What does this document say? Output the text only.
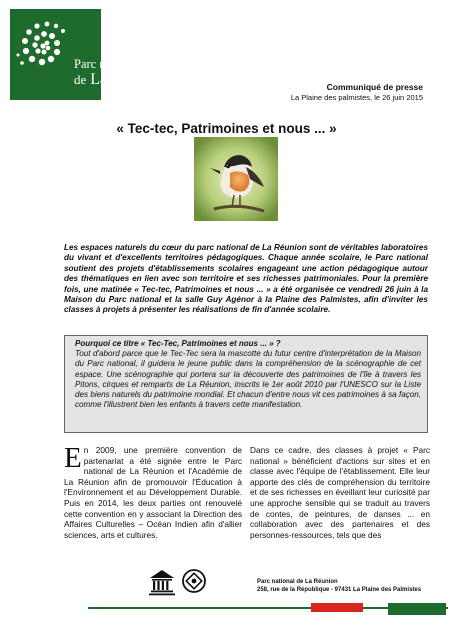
Parc national
de La Réunion	Communiqué de presse
La Plaine des palmistes, le 26 juin 2015
« Tec-tec, Patrimoines et nous ... »

Les espaces naturels du cœur du parc national de La Réunion sont de véritables laboratoires du vivant et d'excellents territoires pédagogiques. Chaque année scolaire, le Parc national soutient des projets d'établissements scolaires engageant une action pédagogique autour des thématiques en lien avec son territoire et ses richesses patrimoniales. Pour la première fois, une matinée « Tec-tec, Patrimoines et nous ... » a été organisée ce vendredi 26 juin à la Maison du Parc national et la salle Guy Agénor à la Plaine des Palmistes, afin d'inviter les classes à projets à présenter les réalisations de fin d'année scolaire.

Pourquoi ce titre « Tec-Tec, Patrimoines et nous ... » ?
Tout d'abord parce que le Tec-Tec sera la mascotte du futur centre d'interprétation de la Maison du Parc national, il guidera le jeune public dans la compréhension de la scénographie de cet espace. Une scénographie qui portera sur la découverte des patrimoines de l'île à travers les Pitons, cirques et remparts de La Réunion, inscrits le 1er août 2010 par l'UNESCO sur la Liste des biens naturels du patrimoine mondial. Et chacun d'entre nous vit ces patrimoines à sa façon, comme l'illustrent bien les enfants à travers cette manifestation.
E n 2009, une première convention de partenariat a été signée entre le Parc national de La Réunion et l'Académie de La Réunion afin de promouvoir l'Éducation à l'Environnement et au Développement Durable. Puis en 2014, les deux parties ont renouvelé cette convention en y associant la Direction des Affaires Culturelles – Océan Indien afin d'allier sciences, arts et cultures.
Dans ce cadre, des classes à projet « Parc national » bénéficient d'actions sur sites et en classe avec l'équipe de l'établissement. Elle leur apporte des clés de compréhension du territoire et de ses richesses en éveillant leur curiosité par une approche sensible qui se traduit au travers de contes, de peintures, de danses ... en collaboration avec des partenaires et des personnes-ressources, tels que des
Parc national de La Réunion
258, rue de la République - 97431 La Plaine des Palmistes
